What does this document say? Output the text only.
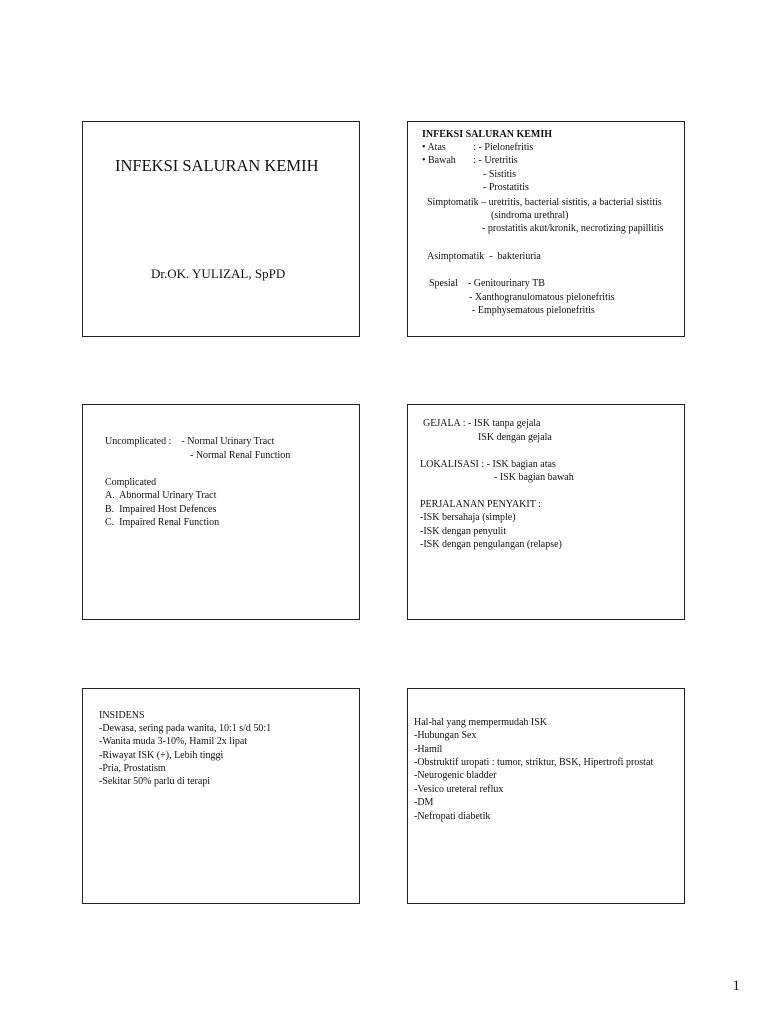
INFEKSI SALURAN KEMIH
Dr.OK. YULIZAL, SpPD
INFEKSI SALURAN KEMIH
• Atas           : - Pielonefritis
• Bawah       : - Uretritis
- Sistitis
- Prostatitis
Simptomatik – uretritis, bacterial sistitis, a bacterial sistitis
(sindroma urethral)
- prostatitis akut/kronik, necrotizing papillitis
Asimptomatik  -  bakteriuria
Spesial    - Genitourinary TB
- Xanthogranulomatous pielonefritis
- Emphysematous pielonefritis
Uncomplicated :    - Normal Urinary Tract
- Normal Renal Function
Complicated
A.  Abnormal Urinary Tract
B.  Impaired Host Defences
C.  Impaired Renal Function
GEJALA : - ISK tanpa gejala
ISK dengan gejala
LOKALISASI : - ISK bagian atas
- ISK bagian bawah
PERJALANAN PENYAKIT :
-ISK bersahaja (simple)
-ISK dengan penyulit
-ISK dengan pengulangan (relapse)
INSIDENS
-Dewasa, sering pada wanita, 10:1 s/d 50:1
-Wanita muda 3-10%, Hamil 2x lipat
-Riwayat ISK (+), Lebih tinggi
-Pria, Prostatism
-Sekitar 50% parlu di terapi
Hal-hal yang mempermudah ISK
-Hubungan Sex
-Hamil
-Obstruktif uropati : tumor, striktur, BSK, Hipertrofi prostat
-Neurogenic bladder
-Vesico ureteral reflux
-DM
-Nefropati diabetik
1
